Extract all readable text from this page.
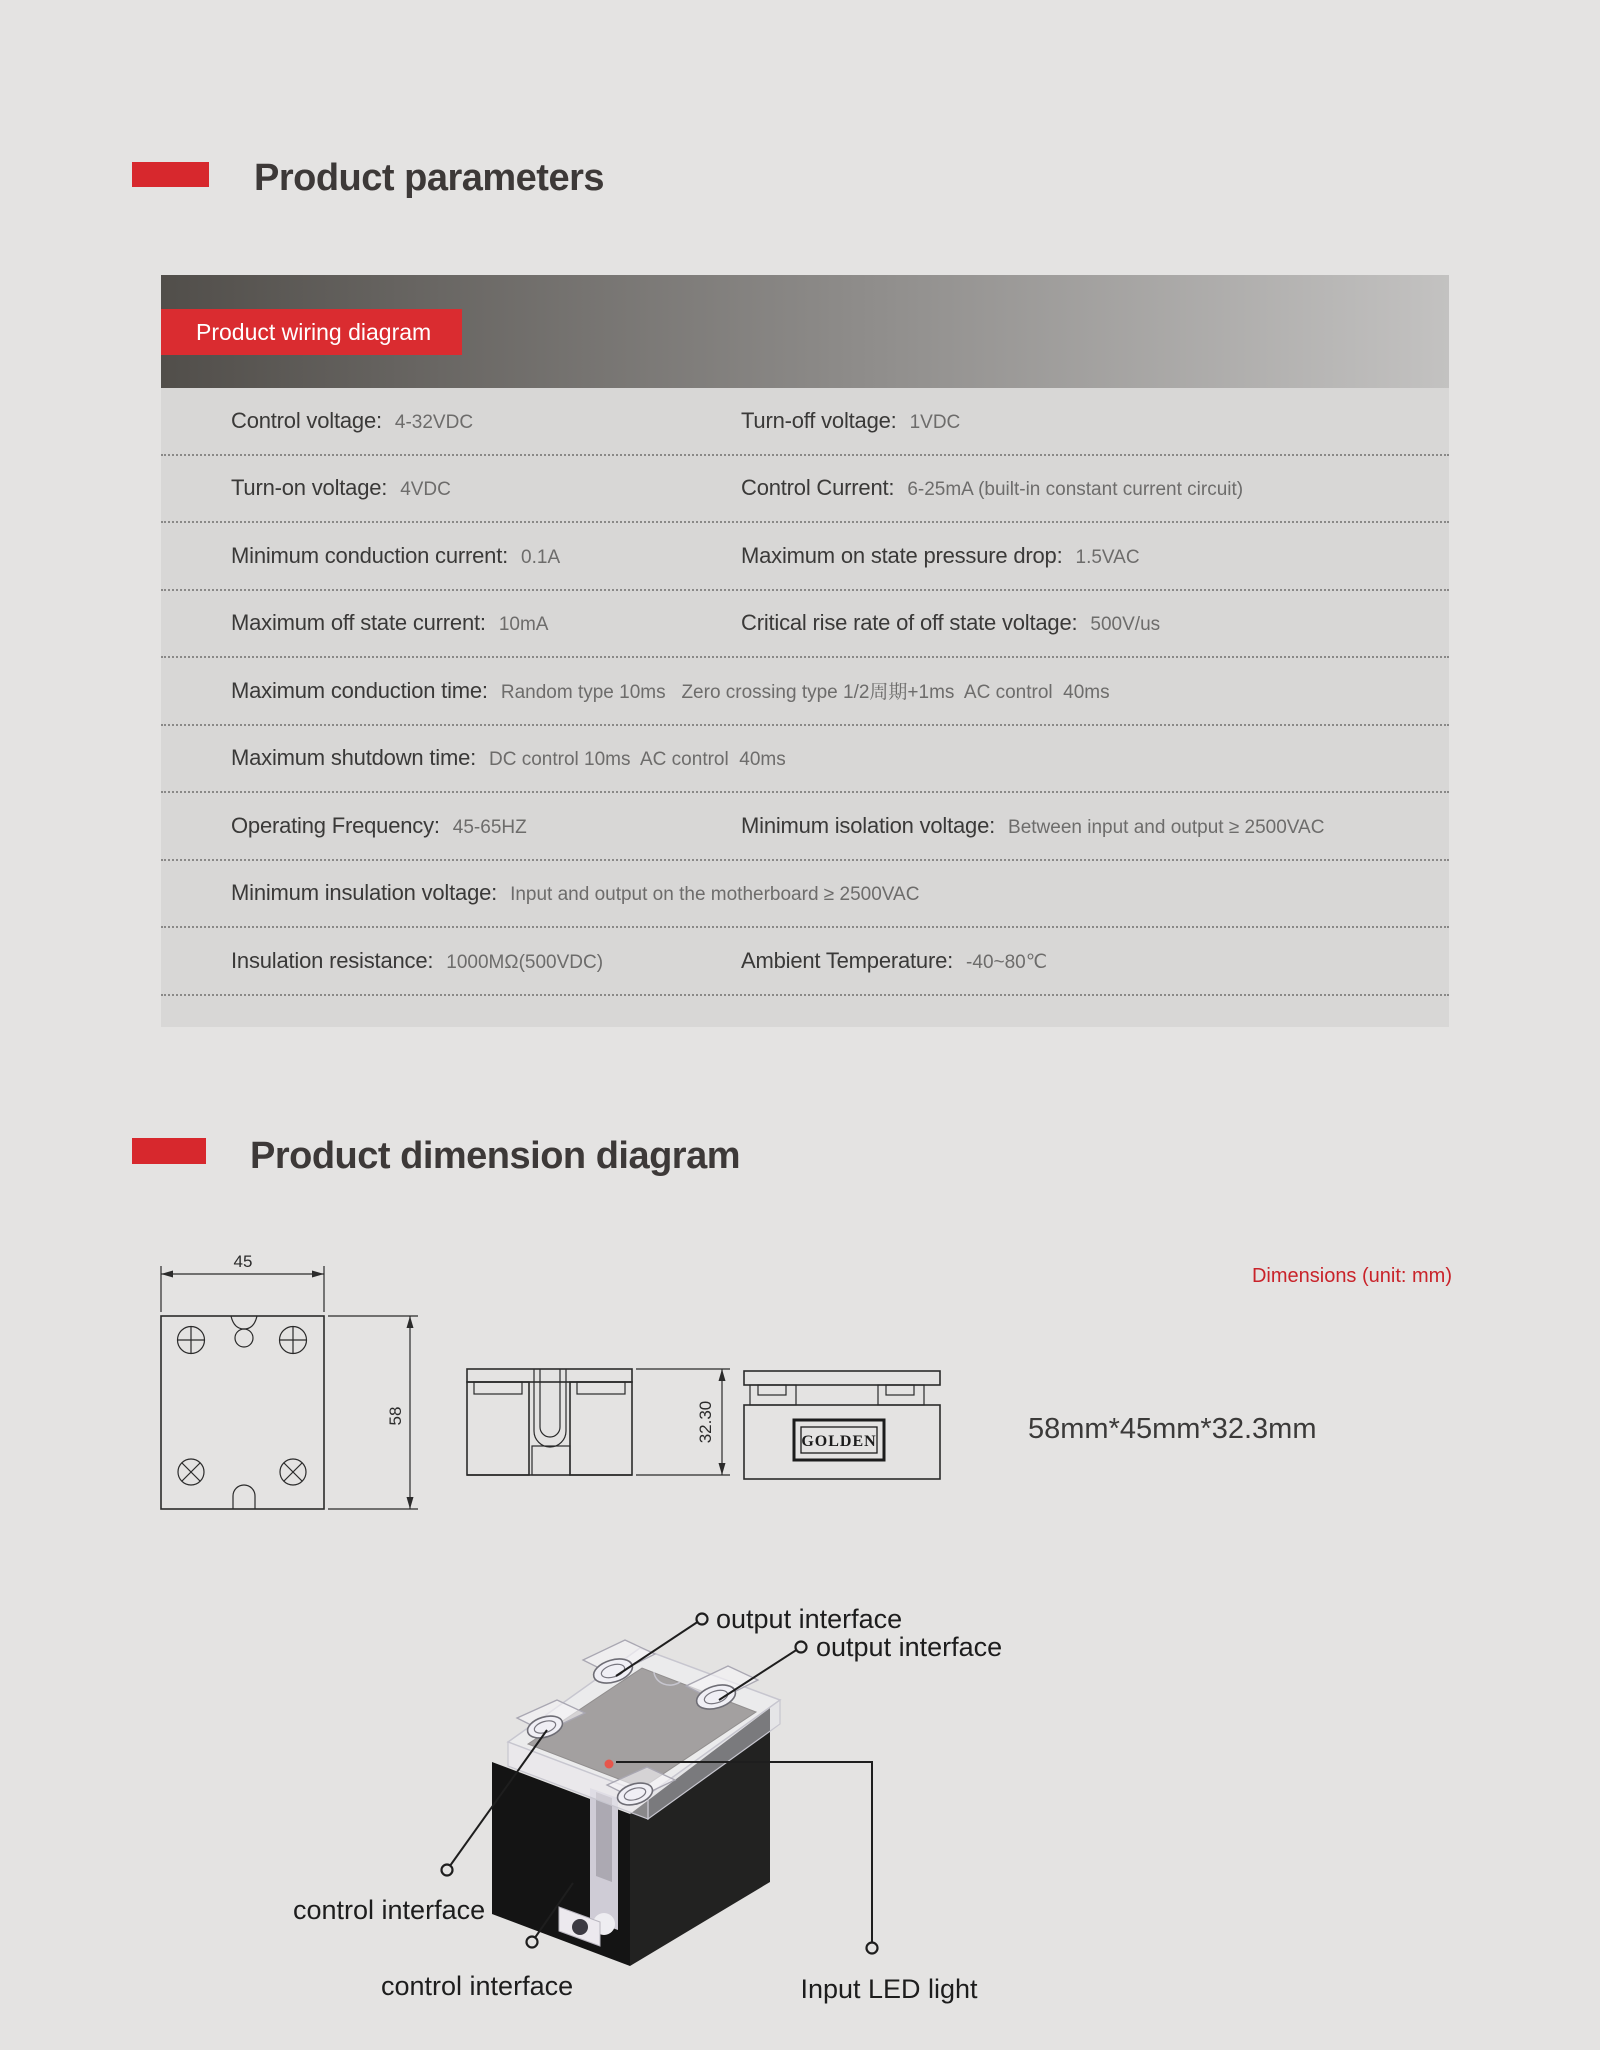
Product parameters
Product wiring diagram
Control voltage: 4-32VDC	Turn-off voltage: 1VDC
Turn-on voltage: 4VDC	Control Current: 6-25mA (built-in constant current circuit)
Minimum conduction current: 0.1A	Maximum on state pressure drop: 1.5VAC
Maximum off state current: 10mA	Critical rise rate of off state voltage: 500V/us
Maximum conduction time: Random type 10ms   Zero crossing type 1/2周期+1ms  AC control  40ms
Maximum shutdown time: DC control 10ms  AC control  40ms
Operating Frequency: 45-65HZ	Minimum isolation voltage: Between input and output ≥ 2500VAC
Minimum insulation voltage: Input and output on the motherboard ≥ 2500VAC
Insulation resistance: 1000MΩ(500VDC)	Ambient Temperature: -40~80℃
Product dimension diagram
45
58	32.30	GOLDEN	58mm*45mm*32.3mm
Dimensions (unit: mm)
output interface
output interface
control interface
control interface	Input LED light
